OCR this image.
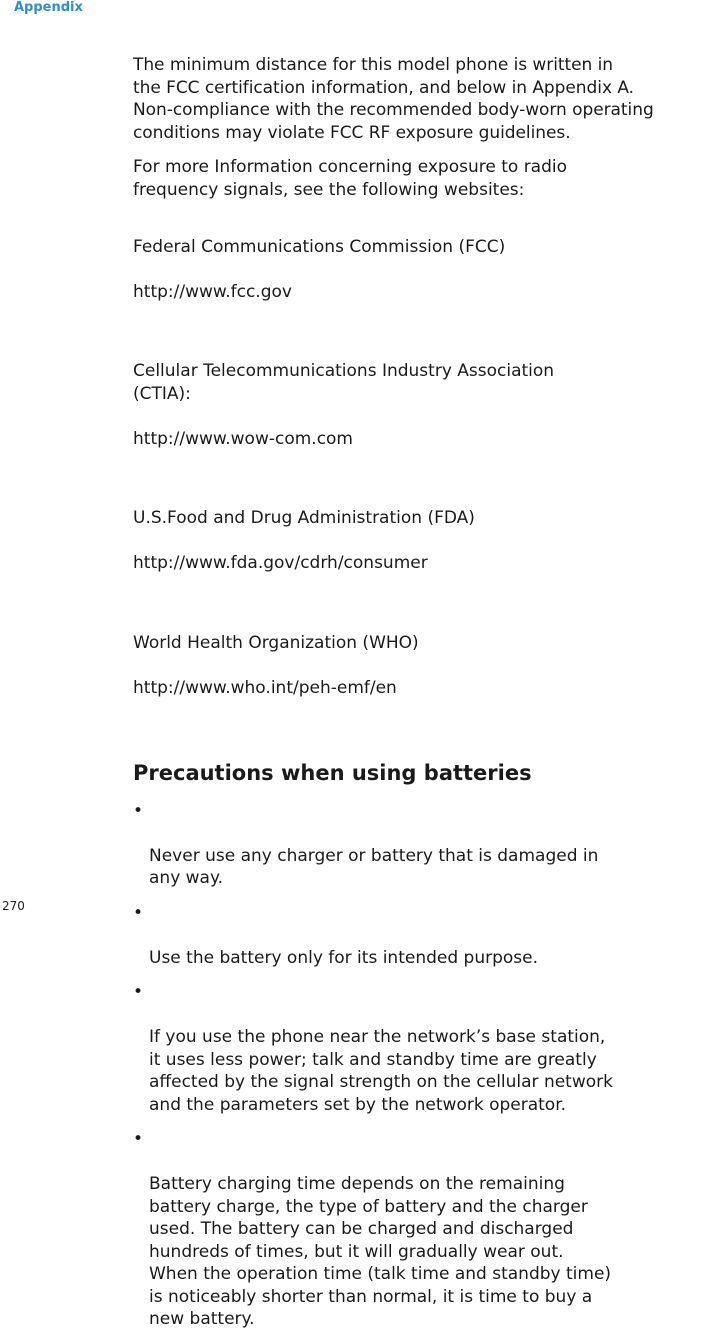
Appendix

The minimum distance for this model phone is written in
the FCC certification information, and below in Appendix A.
Non-compliance with the recommended body-worn operating
conditions may violate FCC RF exposure guidelines.

For more Information concerning exposure to radio
frequency signals, see the following websites:

Federal Communications Commission (FCC)

http://www.fcc.gov

Cellular Telecommunications Industry Association
(CTIA):

http://www.wow-com.com

U.S.Food and Drug Administration (FDA)

http://www.fda.gov/cdrh/consumer

World Health Organization (WHO)

http://www.who.int/peh-emf/en

Precautions when using batteries

•

Never use any charger or battery that is damaged in
any way.

•

Use the battery only for its intended purpose.

•

If you use the phone near the network’s base station,
it uses less power; talk and standby time are greatly
affected by the signal strength on the cellular network
and the parameters set by the network operator.

•

Battery charging time depends on the remaining
battery charge, the type of battery and the charger
used. The battery can be charged and discharged
hundreds of times, but it will gradually wear out.
When the operation time (talk time and standby time)
is noticeably shorter than normal, it is time to buy a
new battery.

270
